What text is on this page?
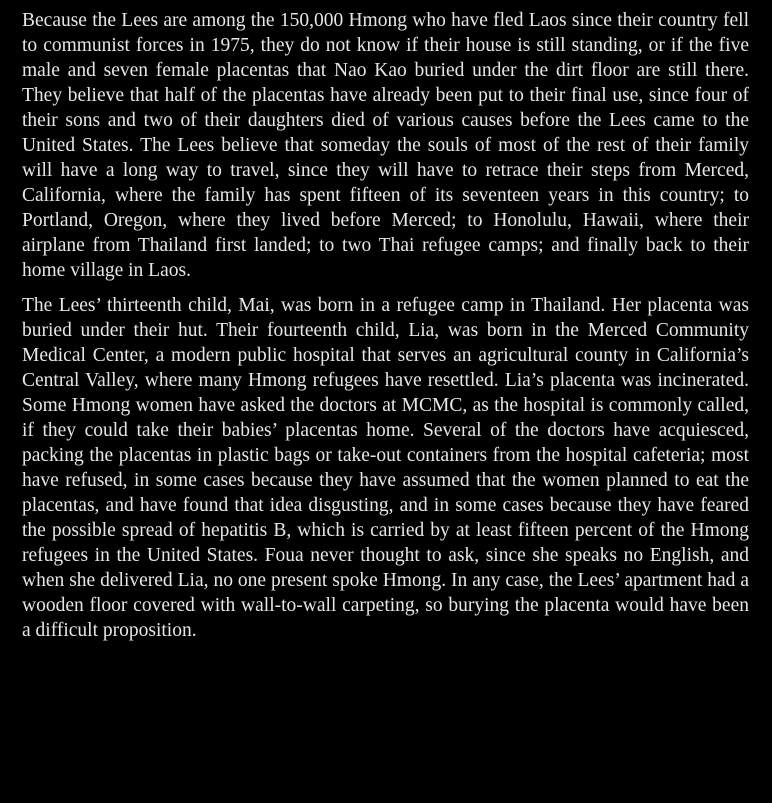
Because the Lees are among the 150,000 Hmong who have fled Laos since their country fell to communist forces in 1975, they do not know if their house is still standing, or if the five male and seven female placentas that Nao Kao buried under the dirt floor are still there. They believe that half of the placentas have already been put to their final use, since four of their sons and two of their daughters died of various causes before the Lees came to the United States. The Lees believe that someday the souls of most of the rest of their family will have a long way to travel, since they will have to retrace their steps from Merced, California, where the family has spent fifteen of its seventeen years in this country; to Portland, Oregon, where they lived before Merced; to Honolulu, Hawaii, where their airplane from Thailand first landed; to two Thai refugee camps; and finally back to their home village in Laos.

The Lees’ thirteenth child, Mai, was born in a refugee camp in Thailand. Her placenta was buried under their hut. Their fourteenth child, Lia, was born in the Merced Community Medical Center, a modern public hospital that serves an agricultural county in California’s Central Valley, where many Hmong refugees have resettled. Lia’s placenta was incinerated. Some Hmong women have asked the doctors at MCMC, as the hospital is commonly called, if they could take their babies’ placentas home. Several of the doctors have acquiesced, packing the placentas in plastic bags or take-out containers from the hospital cafeteria; most have refused, in some cases because they have assumed that the women planned to eat the placentas, and have found that idea disgusting, and in some cases because they have feared the possible spread of hepatitis B, which is carried by at least fifteen percent of the Hmong refugees in the United States. Foua never thought to ask, since she speaks no English, and when she delivered Lia, no one present spoke Hmong. In any case, the Lees’ apartment had a wooden floor covered with wall-to-wall carpeting, so burying the placenta would have been a difficult proposition.
